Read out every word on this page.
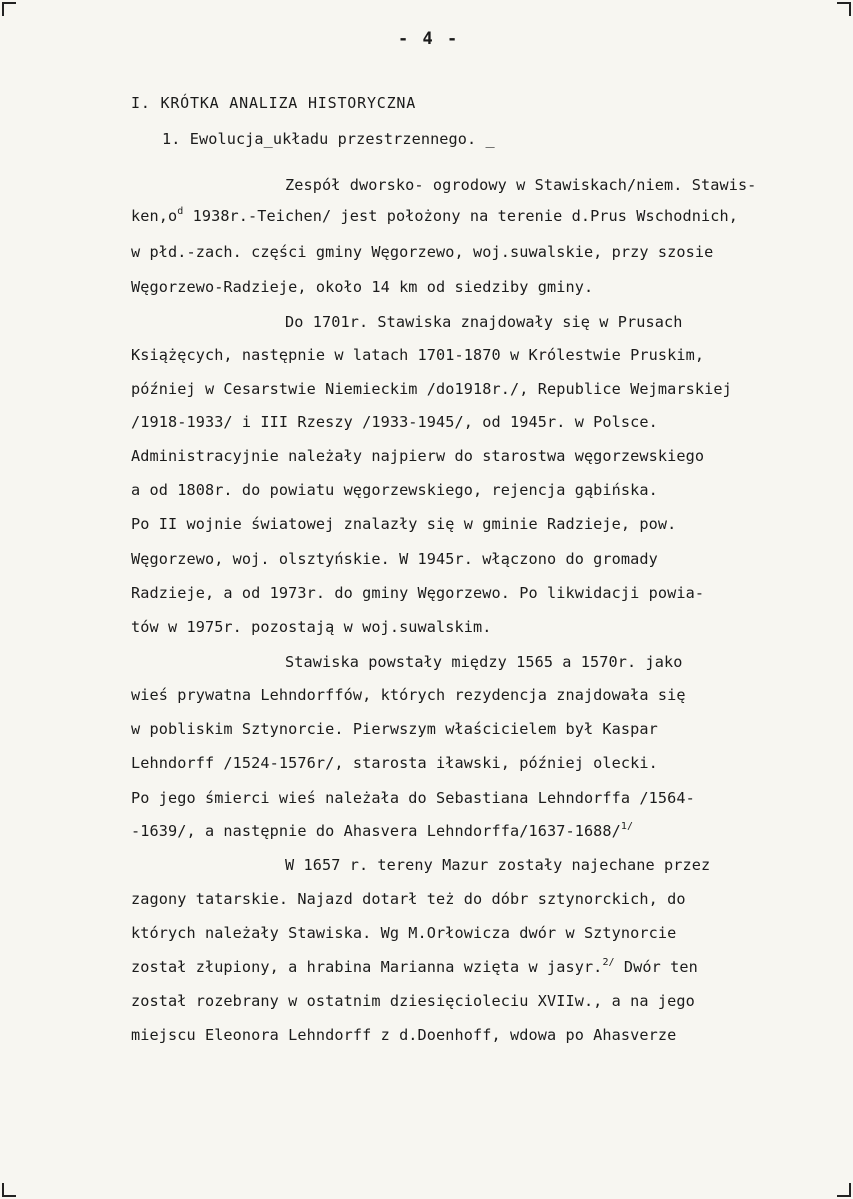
- 4 -
I. KRÓTKA ANALIZA HISTORYCZNA
1. Ewolucja_układu przestrzennego. _
Zespół dworsko- ogrodowy w Stawiskach/niem. Stawis-
$ken,o^d$ 1938r.-Teichen/ jest położony na terenie d.Prus Wschodnich,
w płd.-zach. części gminy Węgorzewo, woj.suwalskie, przy szosie
Węgorzewo-Radzieje, około 14 km od siedziby gminy.
Do 1701r. Stawiska znajdowały się w Prusach
Książęcych, następnie w latach 1701-1870 w Królestwie Pruskim,
później w Cesarstwie Niemieckim /do1918r./, Republice Wejmarskiej
/1918-1933/ i III Rzeszy /1933-1945/, od 1945r. w Polsce.
Administracyjnie należały najpierw do starostwa węgorzewskiego
a od 1808r. do powiatu węgorzewskiego, rejencja gąbińska.
Po II wojnie światowej znalazły się w gminie Radzieje, pow.
Węgorzewo, woj. olsztyńskie. W 1945r. włączono do gromady
Radzieje, a od 1973r. do gminy Węgorzewo. Po likwidacji powia-
tów w 1975r. pozostają w woj.suwalskim.
Stawiska powstały między 1565 a 1570r. jako
wieś prywatna Lehndorffów, których rezydencja znajdowała się
w pobliskim Sztynorcie. Pierwszym właścicielem był Kaspar
Lehndorff /1524-1576r/, starosta iławski, później olecki.
Po jego śmierci wieś należała do Sebastiana Lehndorffa /1564-
-1639/, a następnie do Ahasvera Lehndorffa/1637-1688/$^{1/}$
W 1657 r. tereny Mazur zostały najechane przez
zagony tatarskie. Najazd dotarł też do dóbr sztynorckich, do
których należały Stawiska. Wg M.Orłowicza dwór w Sztynorcie
został złupiony, a hrabina Marianna wzięta w jasyr.$^{2/}$ Dwór ten
został rozebrany w ostatnim dziesięcioleciu XVIIw., a na jego
miejscu Eleonora Lehndorff z d.Doenhoff, wdowa po Ahasverze
